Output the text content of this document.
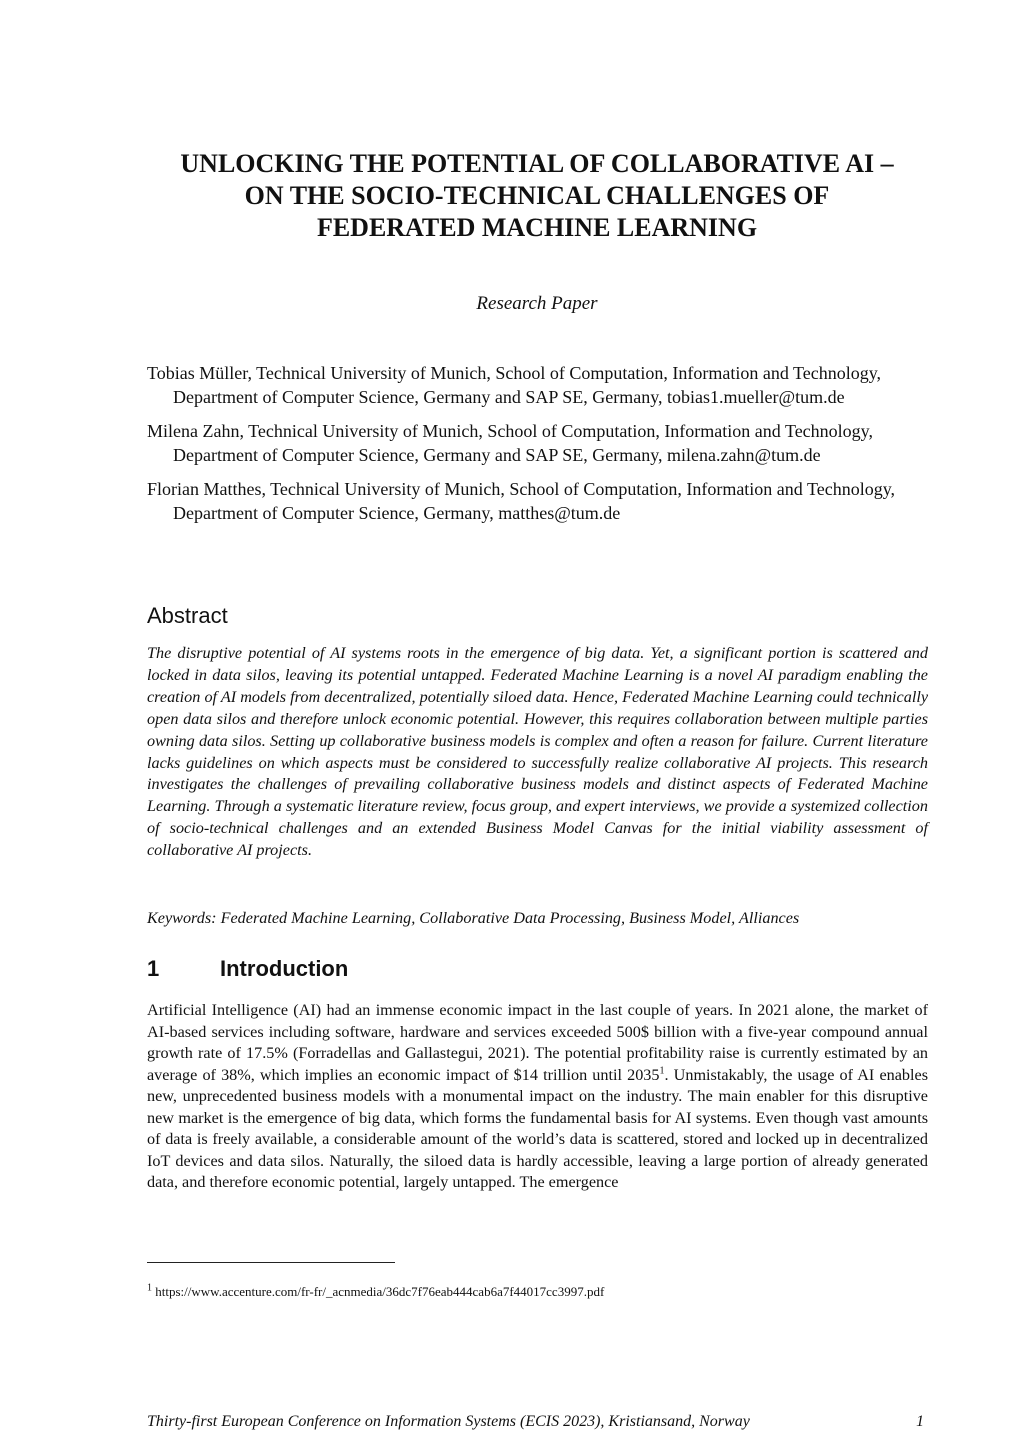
UNLOCKING THE POTENTIAL OF COLLABORATIVE AI –
ON THE SOCIO-TECHNICAL CHALLENGES OF
FEDERATED MACHINE LEARNING
Research Paper
Tobias Müller, Technical University of Munich, School of Computation, Information and Technology, Department of Computer Science, Germany and SAP SE, Germany, tobias1.mueller@tum.de
Milena Zahn, Technical University of Munich, School of Computation, Information and Technology, Department of Computer Science, Germany and SAP SE, Germany, milena.zahn@tum.de
Florian Matthes, Technical University of Munich, School of Computation, Information and Technology, Department of Computer Science, Germany, matthes@tum.de
Abstract
The disruptive potential of AI systems roots in the emergence of big data. Yet, a significant portion is scattered and locked in data silos, leaving its potential untapped. Federated Machine Learning is a novel AI paradigm enabling the creation of AI models from decentralized, potentially siloed data. Hence, Federated Machine Learning could technically open data silos and therefore unlock economic potential. However, this requires collaboration between multiple parties owning data silos. Setting up collaborative business models is complex and often a reason for failure. Current literature lacks guidelines on which aspects must be considered to successfully realize collaborative AI projects. This research investigates the challenges of prevailing collaborative business models and distinct aspects of Federated Machine Learning. Through a systematic literature review, focus group, and expert interviews, we provide a systemized collection of socio-technical challenges and an extended Business Model Canvas for the initial viability assessment of collaborative AI projects.
Keywords: Federated Machine Learning, Collaborative Data Processing, Business Model, Alliances
1	Introduction
Artificial Intelligence (AI) had an immense economic impact in the last couple of years. In 2021 alone, the market of AI-based services including software, hardware and services exceeded 500$ billion with a five-year compound annual growth rate of 17.5% (Forradellas and Gallastegui, 2021). The potential profitability raise is currently estimated by an average of 38%, which implies an economic impact of $14 trillion until 2035$^1$. Unmistakably, the usage of AI enables new, unprecedented business models with a monumental impact on the industry. The main enabler for this disruptive new market is the emergence of big data, which forms the fundamental basis for AI systems. Even though vast amounts of data is freely available, a considerable amount of the world’s data is scattered, stored and locked up in decentralized IoT devices and data silos. Naturally, the siloed data is hardly accessible, leaving a large portion of already generated data, and therefore economic potential, largely untapped. The emergence
$^1$ https://www.accenture.com/fr-fr/_acnmedia/36dc7f76eab444cab6a7f44017cc3997.pdf
Thirty-first European Conference on Information Systems (ECIS 2023), Kristiansand, Norway	1
